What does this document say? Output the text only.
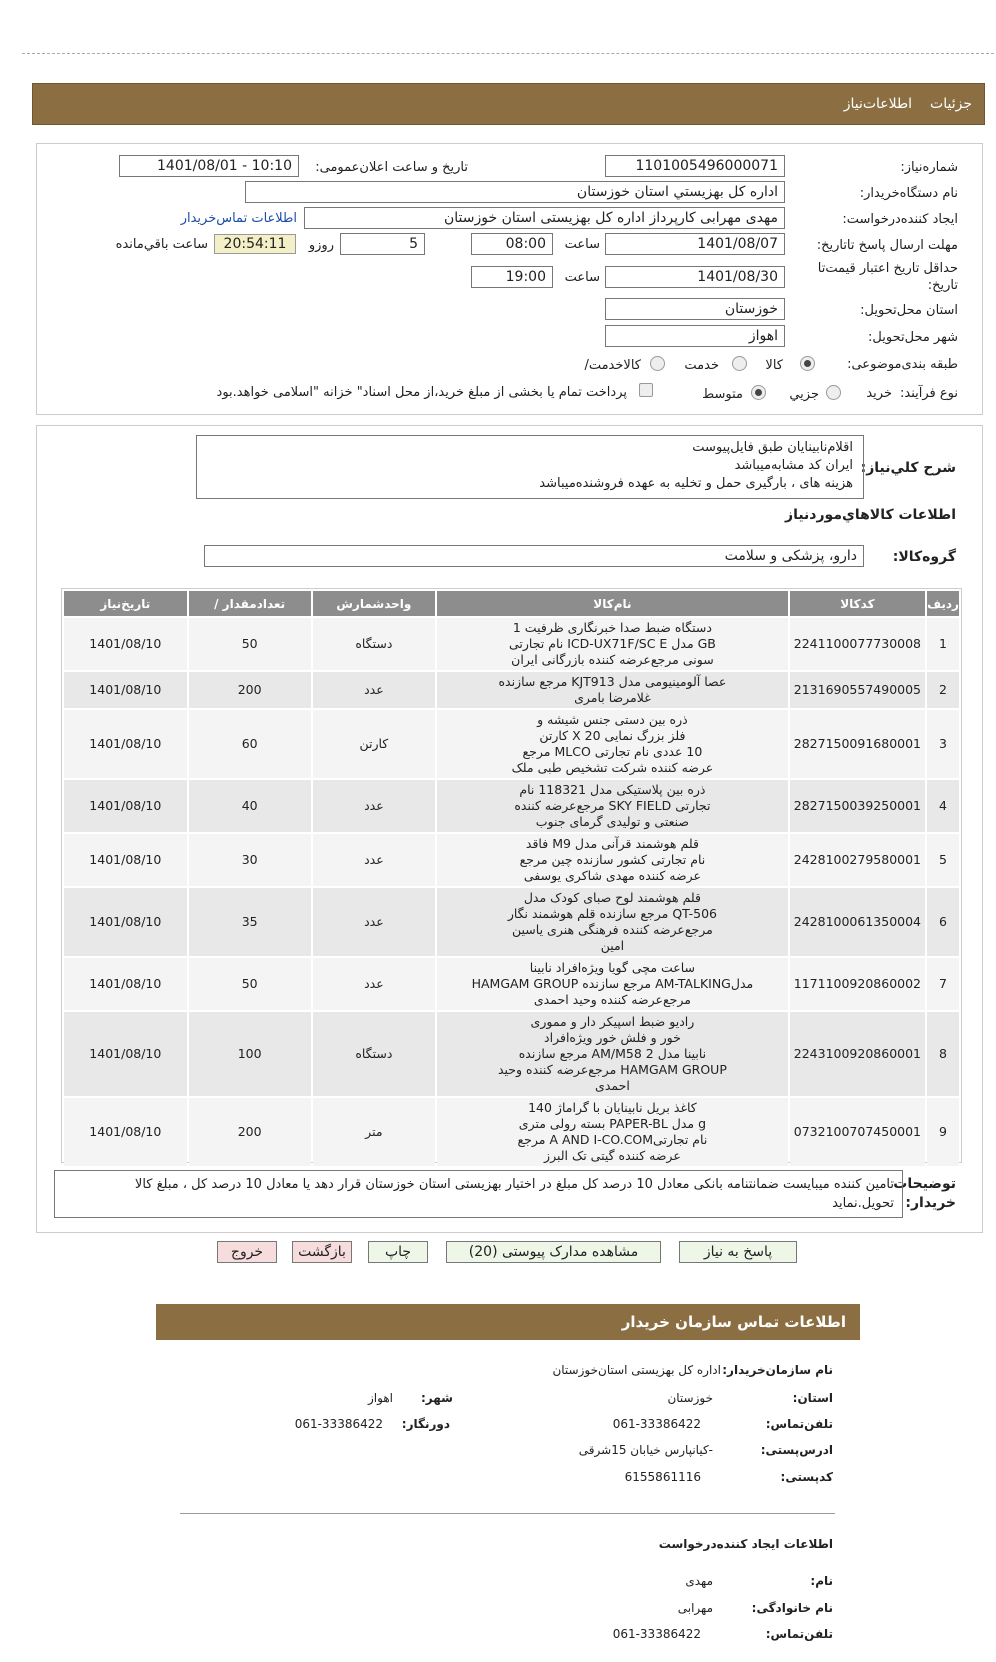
جزئيات
اطلاعات‌نياز
شماره‌نياز:
1101005496000071
تاريخ و ساعت اعلان‌عمومی:
1401/08/01 - 10:10
نام دستگاه‌خريدار:
اداره كل بهزيستي استان خوزستان
ايجاد كننده‌درخواست:
مهدی مهرابی كارپرداز اداره كل بهزيستی استان خوزستان
اطلاعات تماس‌خريدار
مهلت ارسال پاسخ تا‌تاريخ:
1401/08/07
ساعت
08:00
5
روزو
20:54:11
ساعت باقي‌مانده
حداقل تاريخ اعتبار قيمت‌تا
تاريخ:
1401/08/30
ساعت
19:00
استان محل‌تحويل:
خوزستان
شهر محل‌تحويل:
اهواز
طبقه بندی‌موضوعی:
كالا
خدمت
كالا‌خدمت/
نوع فرآيند:
خريد
جزيي
متوسط
پرداخت تمام يا بخشی از مبلغ خريد،از محل اسناد" خزانه "اسلامی خواهد.بود
شرح كلي‌نياز:
اقلام‌نابينايان طبق فايل‌پيوست
ايران كد مشابه‌ميباشد
هزينه های ، بارگيری حمل و تخليه به عهده فروشنده‌ميباشد
اطلاعات كالاهاي‌موردنياز
گروه‌كالا:
دارو، پزشكی و سلامت
رديف	كدكالا	نام‌كالا	واحدشمارش	تعداد‌مقدار /	تاريخ‌نياز
1	2241100077730008	دستگاه ضبط صدا خبرنگاری ظرفيت 1
GB مدل ICD-UX71F/SC E نام تجارتی
سونی مرجع‌عرضه كننده بازرگانی ايران	دستگاه	50	1401/08/10
2	2131690557490005	عصا آلومينيومی مدل KJT913 مرجع سازنده
غلامرضا بامری	عدد	200	1401/08/10
3	2827150091680001	ذره بين دستی جنس شيشه و
فلز بزرگ نمايی X 20 كارتن
10 عددی نام تجارتی MLCO مرجع
عرضه كننده شركت تشخيص طبی ملک	كارتن	60	1401/08/10
4	2827150039250001	ذره بين پلاستيكی مدل 118321 نام
تجارتی SKY FIELD مرجع‌عرضه كننده
صنعتی و توليدی گرمای جنوب	عدد	40	1401/08/10
5	2428100279580001	قلم هوشمند قرآنی مدل M9 فاقد
نام تجارتی كشور سازنده چين مرجع
عرضه كننده مهدی شاكری يوسفی	عدد	30	1401/08/10
6	2428100061350004	قلم هوشمند لوح صبای كودک مدل
QT-506 مرجع سازنده قلم هوشمند نگار
مرجع‌عرضه كننده فرهنگی هنری ياسين
امين	عدد	35	1401/08/10
7	1171100920860002	ساعت مچی گويا ويژه‌افراد نابينا
مدلAM-TALKING مرجع سازنده HAMGAM GROUP
مرجع‌عرضه كننده وحيد احمدی	عدد	50	1401/08/10
8	2243100920860001	راديو ضبط اسپيكر دار و مموری
خور و فلش خور ويژه‌افراد
نابينا مدل AM/M58 2 مرجع سازنده
HAMGAM GROUP مرجع‌عرضه كننده وحيد
احمدی	دستگاه	100	1401/08/10
9	0732100707450001	كاغذ بريل نابينايان با گراماژ 140
g مدل PAPER-BL بسته رولی متری
نام تجارتیA AND I-CO.COM مرجع
عرضه كننده گيتی تک البرز	متر	200	1401/08/10
توضيحات
خريدار:
تامين كننده ميبايست ضمانتنامه بانكی معادل 10 درصد كل مبلغ در اختيار بهزيستی استان خوزستان قرار دهد يا معادل 10 درصد كل ، مبلغ كالا
تحويل.نمايد
پاسخ به نياز
مشاهده مدارک پيوستی (20)
چاپ
بازگشت
خروج
اطلاعات تماس سازمان‌ خريدار
نام سازمان‌خريدار:
اداره كل بهزيستی استان‌خوزستان
استان:
خوزستان
شهر:
اهواز
تلفن‌تماس:
061-33386422
دورنگار:
061-33386422
ادرس‌پستی:
-كيانپارس خيابان 15شرقی
كد‌پستی:
6155861116
اطلاعات ايجاد كننده‌درخواست
نام:
مهدی
نام خانوادگی:
مهرابی
تلفن‌تماس:
061-33386422
